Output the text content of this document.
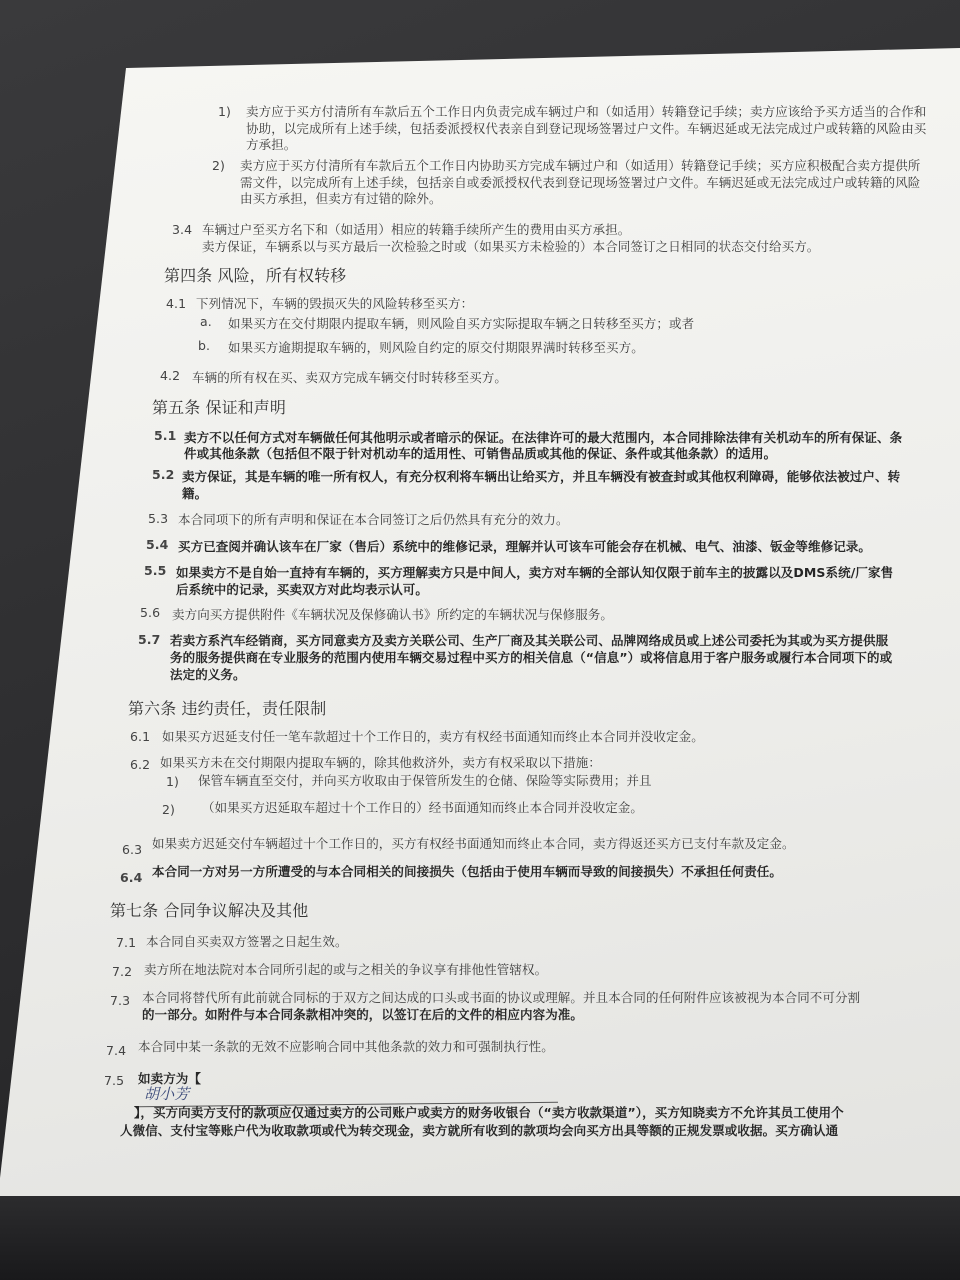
1) 卖方应于买方付清所有车款后五个工作日内负责完成车辆过户和（如适用）转籍登记手续；卖方应该给予买方适当的合作和
协助，以完成所有上述手续，包括委派授权代表亲自到登记现场签署过户文件。车辆迟延或无法完成过户或转籍的风险由买
方承担。
2) 卖方应于买方付清所有车款后五个工作日内协助买方完成车辆过户和（如适用）转籍登记手续；买方应积极配合卖方提供所
需文件，以完成所有上述手续，包括亲自或委派授权代表到登记现场签署过户文件。车辆迟延或无法完成过户或转籍的风险
由买方承担，但卖方有过错的除外。
3.4 车辆过户至买方名下和（如适用）相应的转籍手续所产生的费用由买方承担。
卖方保证，车辆系以与买方最后一次检验之时或（如果买方未检验的）本合同签订之日相同的状态交付给买方。
第四条 风险，所有权转移
4.1 下列情况下，车辆的毁损灭失的风险转移至买方：
a. 如果买方在交付期限内提取车辆，则风险自买方实际提取车辆之日转移至买方；或者
b. 如果买方逾期提取车辆的，则风险自约定的原交付期限界满时转移至买方。
4.2 车辆的所有权在买、卖双方完成车辆交付时转移至买方。
第五条 保证和声明
5.1 卖方不以任何方式对车辆做任何其他明示或者暗示的保证。在法律许可的最大范围内，本合同排除法律有关机动车的所有保证、条
件或其他条款（包括但不限于针对机动车的适用性、可销售品质或其他的保证、条件或其他条款）的适用。
5.2 卖方保证，其是车辆的唯一所有权人，有充分权利将车辆出让给买方，并且车辆没有被查封或其他权利障碍，能够依法被过户、转
籍。
5.3 本合同项下的所有声明和保证在本合同签订之后仍然具有充分的效力。
5.4 买方已查阅并确认该车在厂家（售后）系统中的维修记录，理解并认可该车可能会存在机械、电气、油漆、钣金等维修记录。
5.5 如果卖方不是自始一直持有车辆的，买方理解卖方只是中间人，卖方对车辆的全部认知仅限于前车主的披露以及DMS系统/厂家售
后系统中的记录，买卖双方对此均表示认可。
5.6 卖方向买方提供附件《车辆状况及保修确认书》所约定的车辆状况与保修服务。
5.7 若卖方系汽车经销商，买方同意卖方及卖方关联公司、生产厂商及其关联公司、品牌网络成员或上述公司委托为其或为买方提供服
务的服务提供商在专业服务的范围内使用车辆交易过程中买方的相关信息（“信息”）或将信息用于客户服务或履行本合同项下的或
法定的义务。
第六条 违约责任，责任限制
6.1 如果买方迟延支付任一笔车款超过十个工作日的，卖方有权经书面通知而终止本合同并没收定金。
6.2 如果买方未在交付期限内提取车辆的，除其他救济外，卖方有权采取以下措施：
1) 保管车辆直至交付，并向买方收取由于保管所发生的仓储、保险等实际费用；并且
2) （如果买方迟延取车超过十个工作日的）经书面通知而终止本合同并没收定金。
6.3 如果卖方迟延交付车辆超过十个工作日的，买方有权经书面通知而终止本合同，卖方得返还买方已支付车款及定金。
6.4 本合同一方对另一方所遭受的与本合同相关的间接损失（包括由于使用车辆而导致的间接损失）不承担任何责任。
第七条 合同争议解决及其他
7.1 本合同自买卖双方签署之日起生效。
7.2 卖方所在地法院对本合同所引起的或与之相关的争议享有排他性管辖权。
7.3 本合同将替代所有此前就合同标的于双方之间达成的口头或书面的协议或理解。并且本合同的任何附件应该被视为本合同不可分割
的一部分。如附件与本合同条款相冲突的，以签订在后的文件的相应内容为准。
7.4 本合同中某一条款的无效不应影响合同中其他条款的效力和可强制执行性。
7.5 如卖方为【
胡小芳
】，买方向卖方支付的款项应仅通过卖方的公司账户或卖方的财务收银台（“卖方收款渠道”），买方知晓卖方不允许其员工使用个
人微信、支付宝等账户代为收取款项或代为转交现金，卖方就所有收到的款项均会向买方出具等额的正规发票或收据。买方确认通
